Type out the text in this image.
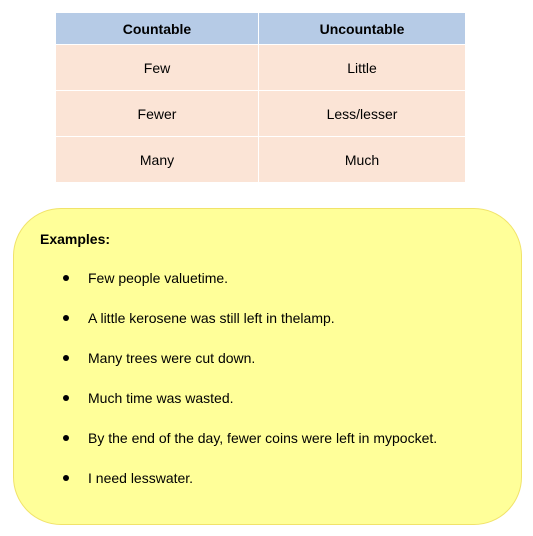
Countable	Uncountable
Few	Little
Fewer	Less/lesser
Many	Much
Examples:
Few people valuetime.
A little kerosene was still left in thelamp.
Many trees were cut down.
Much time was wasted.
By the end of the day, fewer coins were left in mypocket.
I need lesswater.
